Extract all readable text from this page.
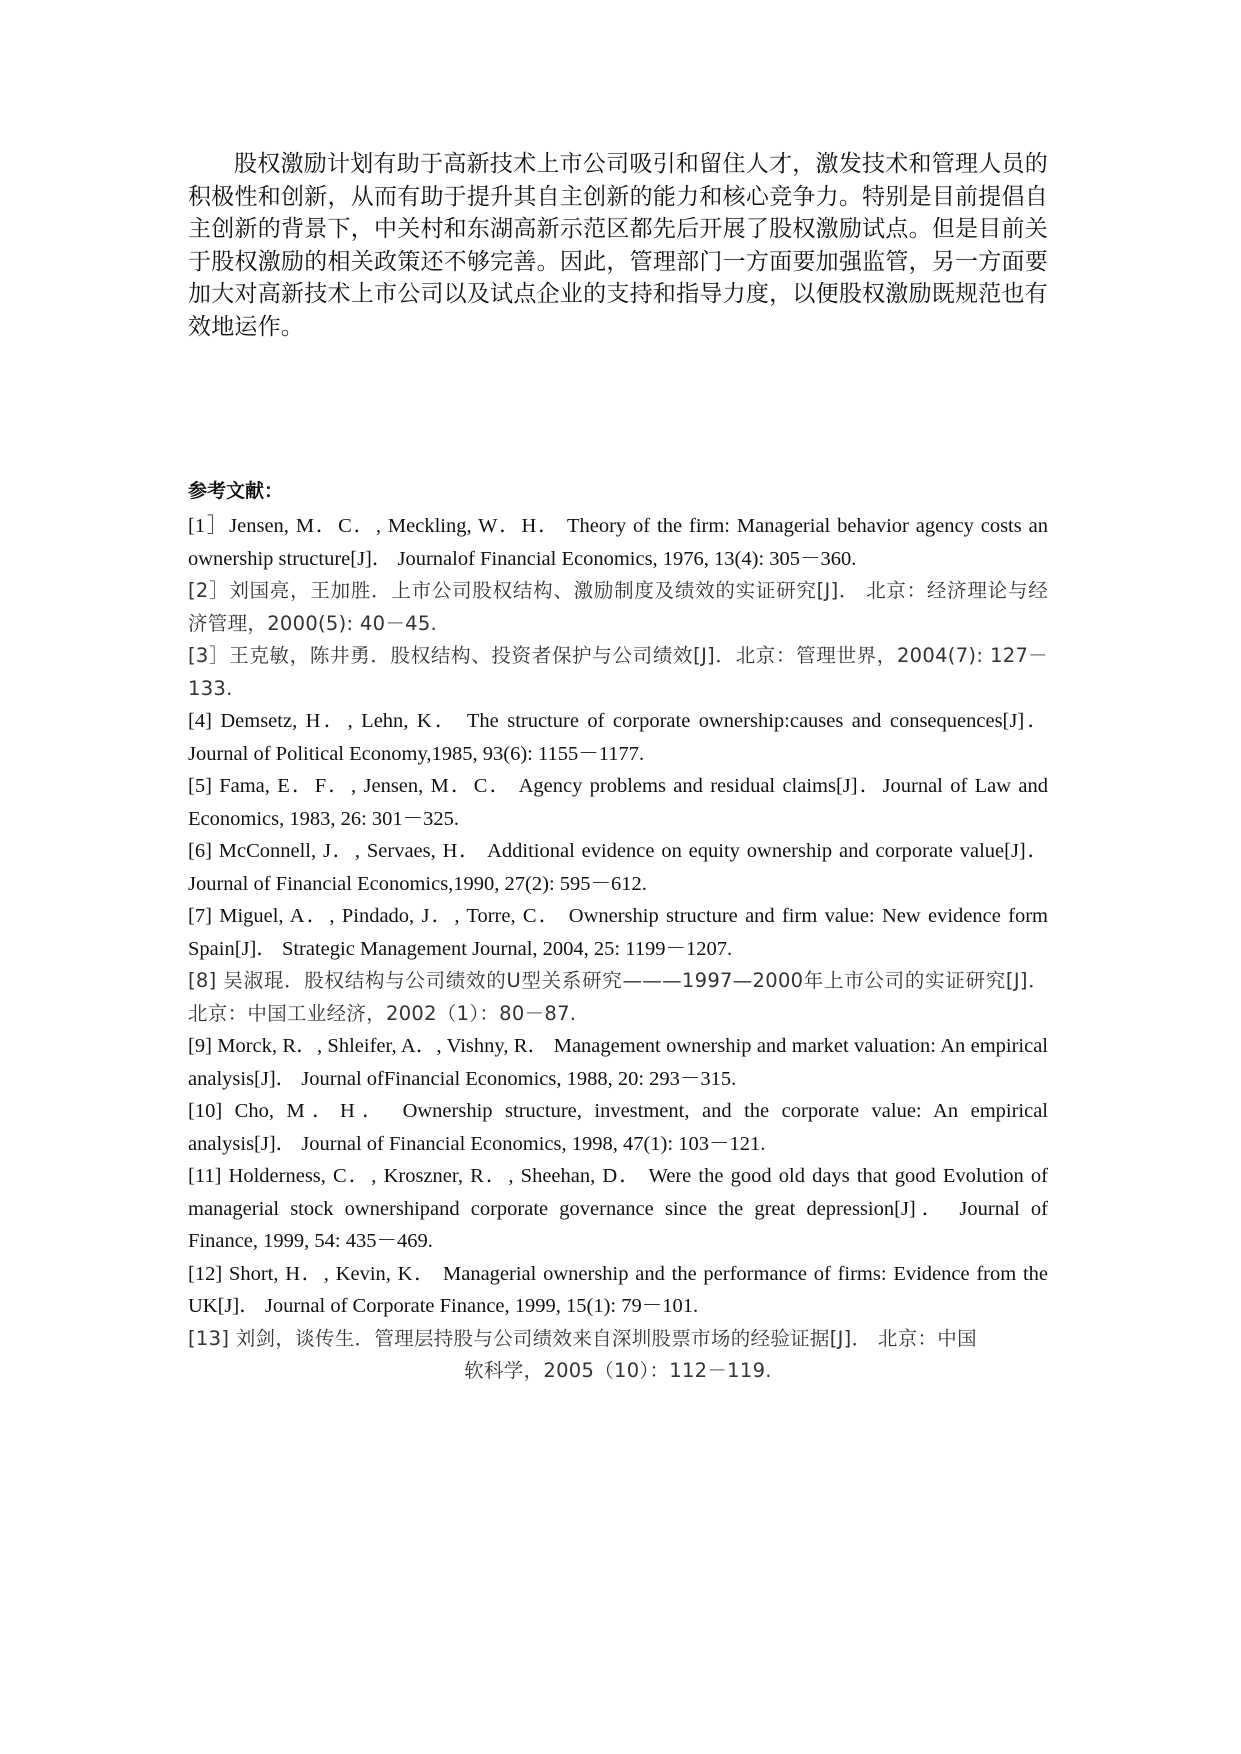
股权激励计划有助于高新技术上市公司吸引和留住人才，激发技术和管理人员的积极性和创新，从而有助于提升其自主创新的能力和核心竞争力。特别是目前提倡自主创新的背景下，中关村和东湖高新示范区都先后开展了股权激励试点。但是目前关于股权激励的相关政策还不够完善。因此，管理部门一方面要加强监管，另一方面要加大对高新技术上市公司以及试点企业的支持和指导力度，以便股权激励既规范也有效地运作。

参考文献：

[1］Jensen, M．C．, Meckling, W．H． Theory of the firm: Managerial behavior agency costs an ownership structure[J]． Journalof Financial Economics, 1976, 13(4): 305－360.

[2］刘国亮，王加胜．上市公司股权结构、激励制度及绩效的实证研究[J]． 北京：经济理论与经济管理，2000(5): 40－45.

[3］王克敏，陈井勇．股权结构、投资者保护与公司绩效[J]．北京：管理世界，2004(7): 127－133.

[4] Demsetz, H．, Lehn, K． The structure of corporate ownership:causes and consequences[J]． Journal of Political Economy,1985, 93(6): 1155－1177.

[5] Fama, E．F．, Jensen, M．C． Agency problems and residual claims[J]．Journal of Law and Economics, 1983, 26: 301－325.

[6] McConnell, J．, Servaes, H． Additional evidence on equity ownership and corporate value[J]． Journal of Financial Economics,1990, 27(2): 595－612.

[7] Miguel, A．, Pindado, J．, Torre, C． Ownership structure and firm value: New evidence form Spain[J]． Strategic Management Journal, 2004, 25: 1199－1207.

[8] 吴淑琨．股权结构与公司绩效的U型关系研究———1997—2000年上市公司的实证研究[J]．北京：中国工业经济，2002（1）：80－87.

[9] Morck, R．, Shleifer, A．, Vishny, R． Management ownership and market valuation: An empirical analysis[J]． Journal ofFinancial Economics, 1988, 20: 293－315.

[10] Cho, M．H． Ownership structure, investment, and the corporate value: An empirical analysis[J]． Journal of Financial Economics, 1998, 47(1): 103－121.

[11] Holderness, C．, Kroszner, R．, Sheehan, D． Were the good old days that good Evolution of managerial stock ownershipand corporate governance since the great depression[J]． Journal of Finance, 1999, 54: 435－469.

[12] Short, H．, Kevin, K． Managerial ownership and the performance of firms: Evidence from the UK[J]． Journal of Corporate Finance, 1999, 15(1): 79－101.

[13] 刘剑，谈传生．管理层持股与公司绩效来自深圳股票市场的经验证据[J]． 北京：中国
软科学，2005（10）：112－119.
